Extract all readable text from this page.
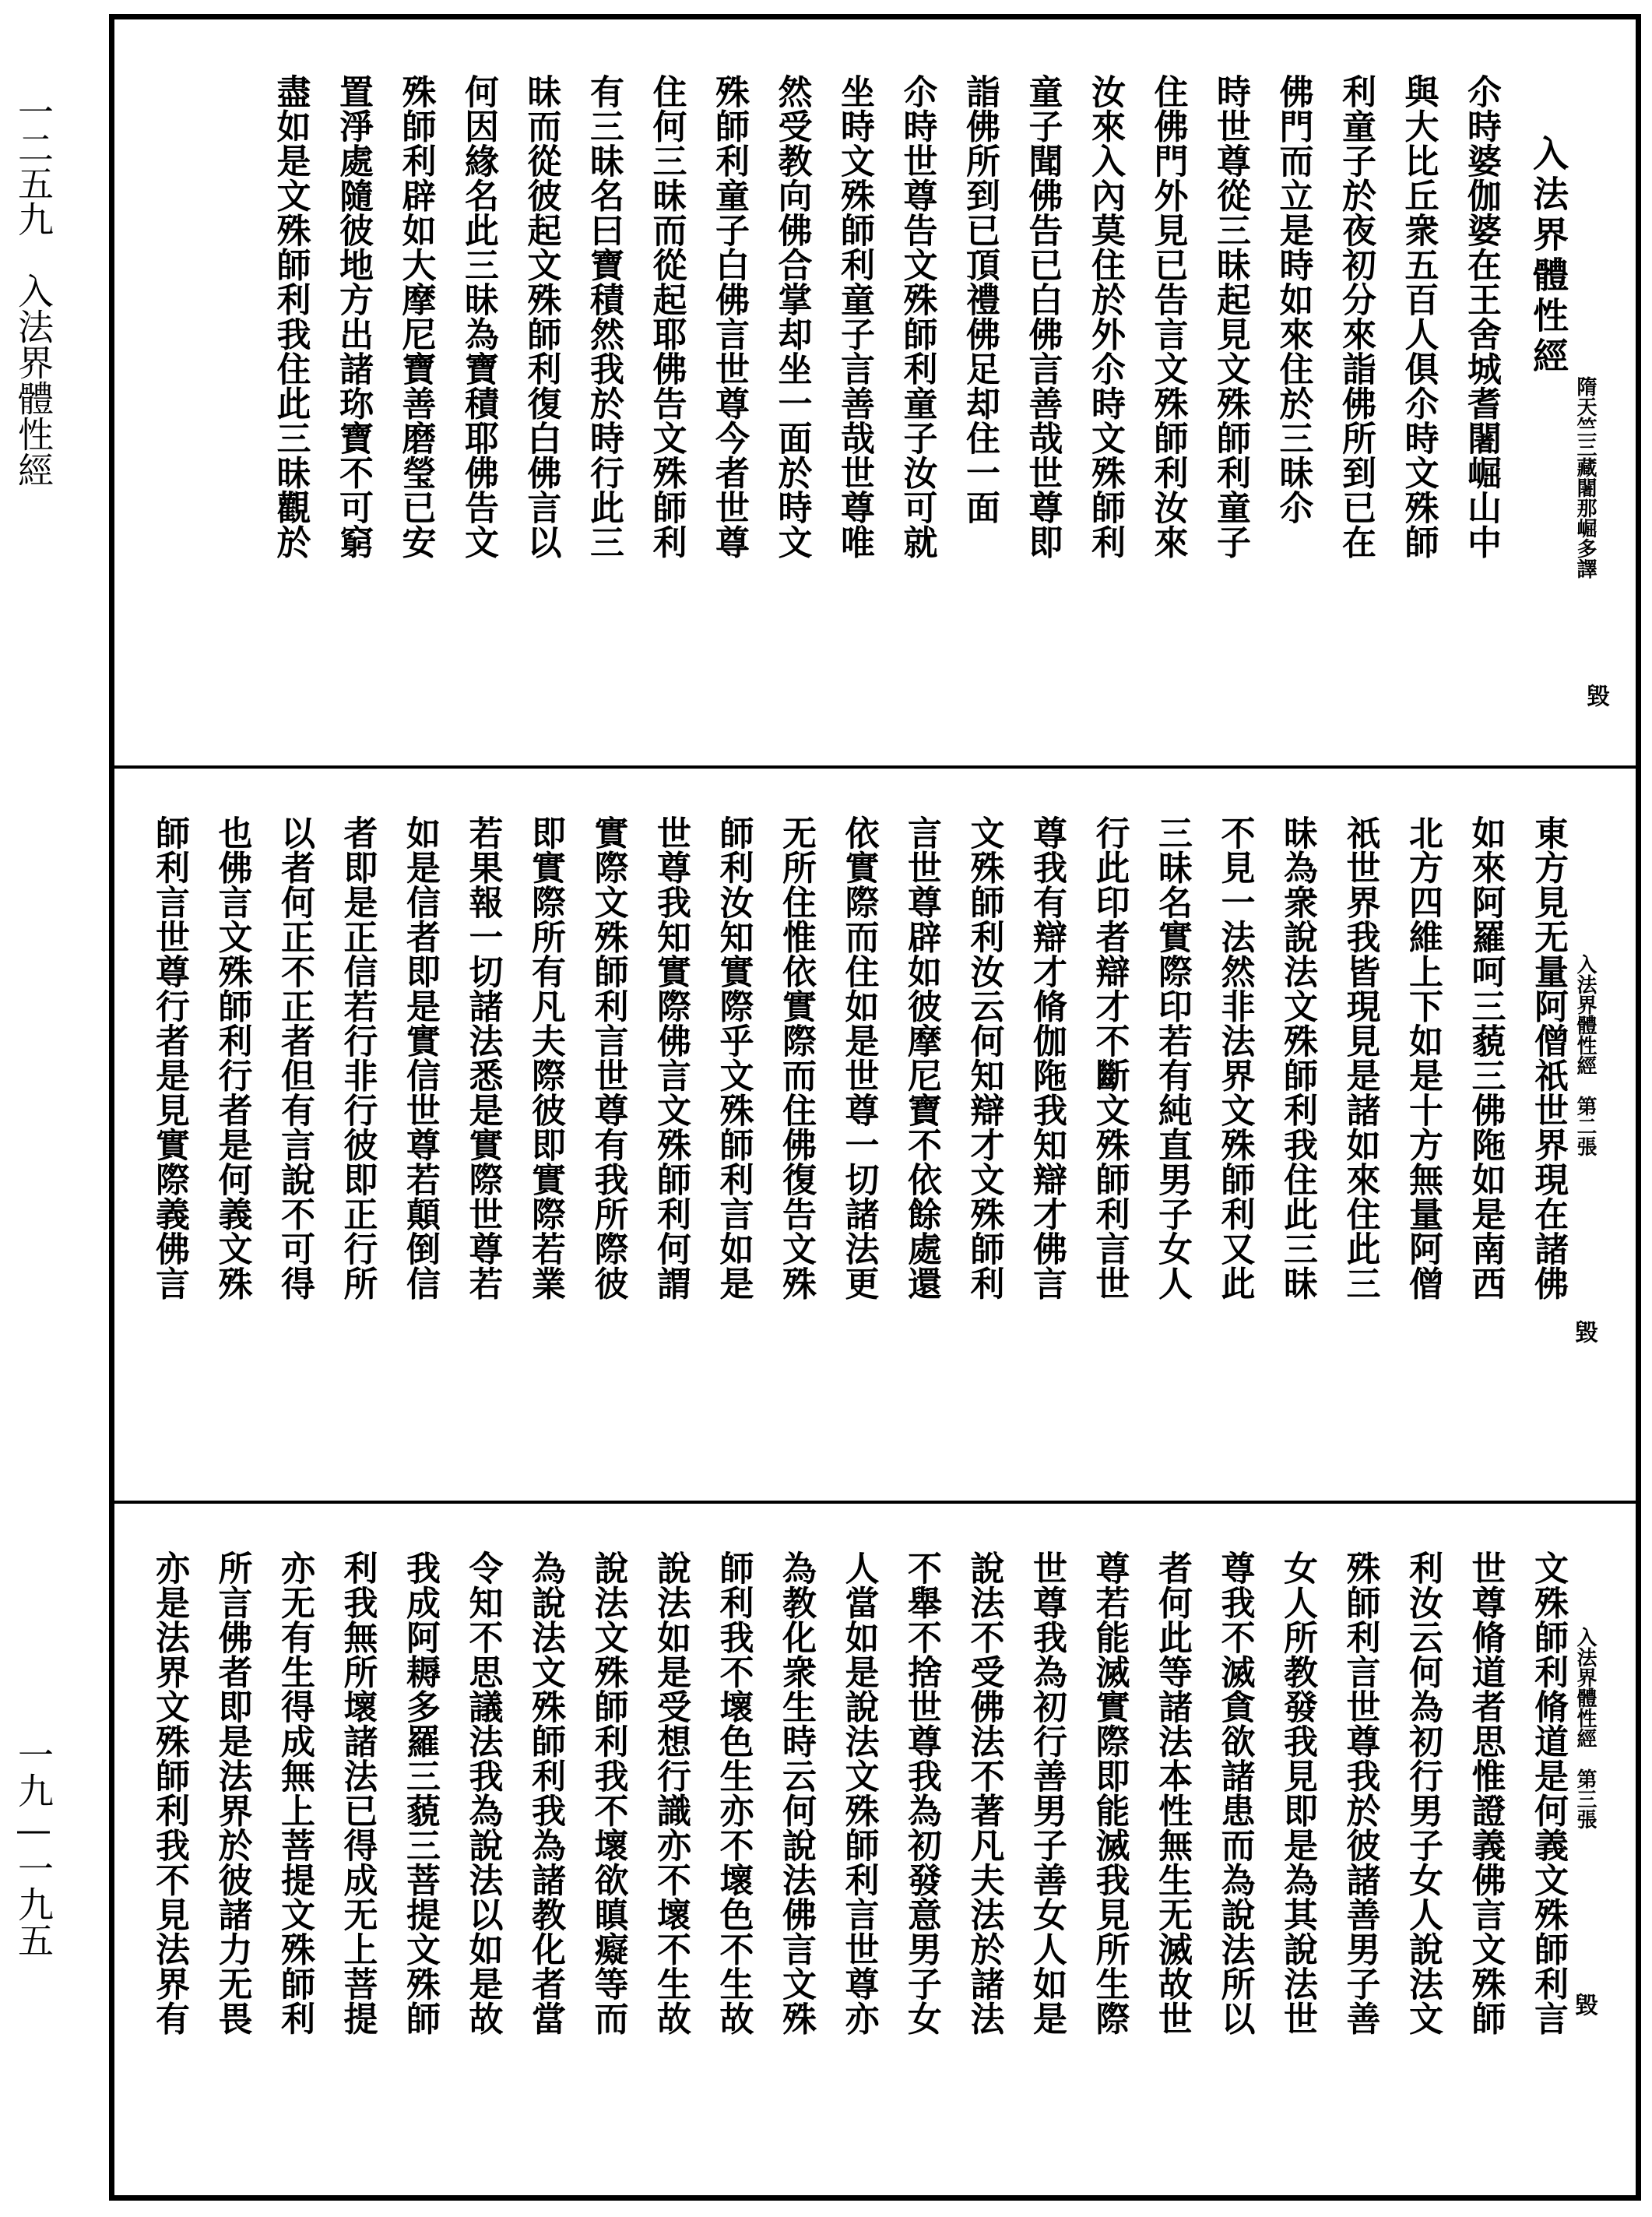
一二五九　入法界體性經
一九—一九五
入法界體性經
隋天竺三藏闍那崛多譯
毀
尒時婆伽婆在王舍城耆闍崛山中
與大比丘衆五百人俱尒時文殊師
利童子於夜初分來詣佛所到已在
佛門而立是時如來住於三昧尒
時世尊從三昧起見文殊師利童子
住佛門外見已告言文殊師利汝來
汝來入內莫住於外尒時文殊師利
童子聞佛告已白佛言善哉世尊即
詣佛所到已頂禮佛足却住一面
尒時世尊告文殊師利童子汝可就
坐時文殊師利童子言善哉世尊唯
然受教向佛合掌却坐一面於時文
殊師利童子白佛言世尊今者世尊
住何三昧而從起耶佛告文殊師利
有三昧名曰寶積然我於時行此三
昧而從彼起文殊師利復白佛言以
何因緣名此三昧為寶積耶佛告文
殊師利辟如大摩尼寶善磨瑩已安
置淨處隨彼地方出諸珎寶不可窮
盡如是文殊師利我住此三昧觀於
入法界體性經　第二張
毀
東方見无量阿僧祇世界現在諸佛
如來阿羅呵三藐三佛陁如是南西
北方四維上下如是十方無量阿僧
祇世界我皆現見是諸如來住此三
昧為衆說法文殊師利我住此三昧
不見一法然非法界文殊師利又此
三昧名實際印若有純直男子女人
行此印者辯才不斷文殊師利言世
尊我有辯才脩伽陁我知辯才佛言
文殊師利汝云何知辯才文殊師利
言世尊辟如彼摩尼寶不依餘處還
依實際而住如是世尊一切諸法更
无所住惟依實際而住佛復告文殊
師利汝知實際乎文殊師利言如是
世尊我知實際佛言文殊師利何謂
實際文殊師利言世尊有我所際彼
即實際所有凡夫際彼即實際若業
若果報一切諸法悉是實際世尊若
如是信者即是實信世尊若顛倒信
者即是正信若行非行彼即正行所
以者何正不正者但有言說不可得
也佛言文殊師利行者是何義文殊
師利言世尊行者是見實際義佛言
入法界體性經　第三張
毀
文殊師利脩道是何義文殊師利言
世尊脩道者思惟證義佛言文殊師
利汝云何為初行男子女人說法文
殊師利言世尊我於彼諸善男子善
女人所教發我見即是為其說法世
尊我不滅貪欲諸患而為說法所以
者何此等諸法本性無生无滅故世
尊若能滅實際即能滅我見所生際
世尊我為初行善男子善女人如是
說法不受佛法不著凡夫法於諸法
不舉不捨世尊我為初發意男子女
人當如是說法文殊師利言世尊亦
為教化衆生時云何說法佛言文殊
師利我不壞色生亦不壞色不生故
說法如是受想行識亦不壞不生故
說法文殊師利我不壞欲瞋癡等而
為說法文殊師利我為諸教化者當
令知不思議法我為說法以如是故
我成阿耨多羅三藐三菩提文殊師
利我無所壞諸法已得成无上菩提
亦无有生得成無上菩提文殊師利
所言佛者即是法界於彼諸力无畏
亦是法界文殊師利我不見法界有
